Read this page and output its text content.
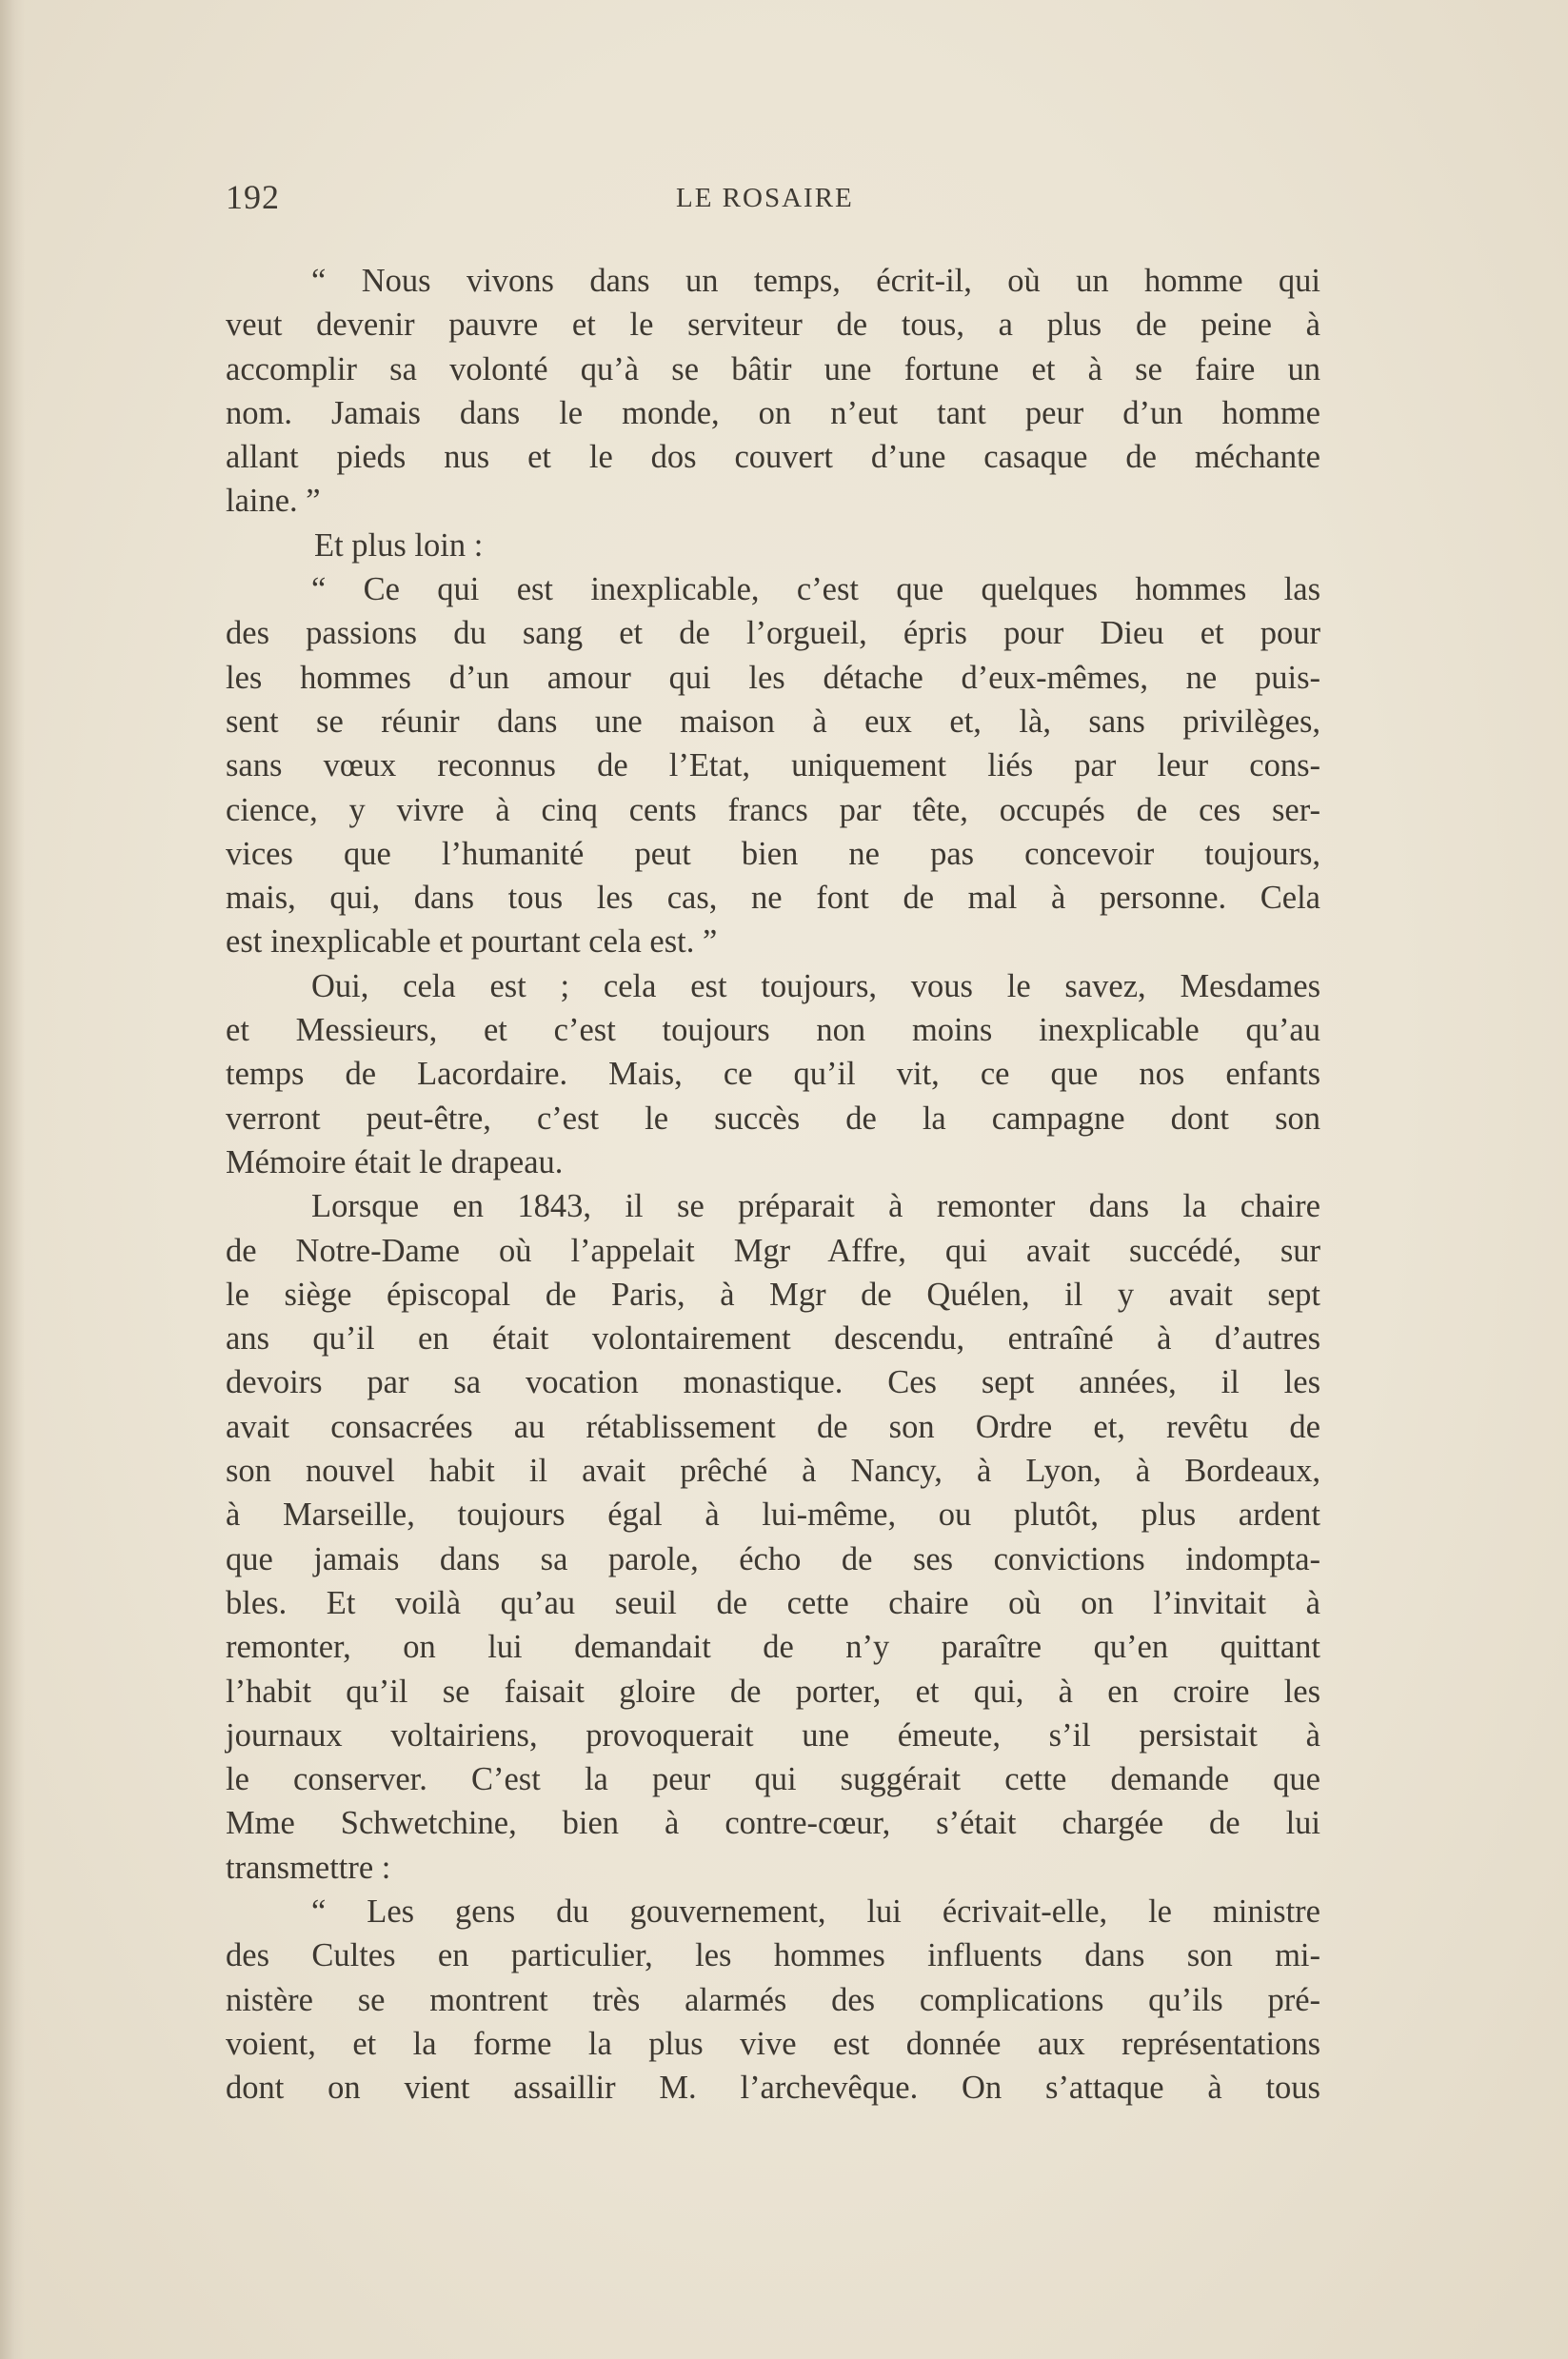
192	LE ROSAIRE
“ Nous vivons dans un temps, écrit-il, où un homme qui
veut devenir pauvre et le serviteur de tous, a plus de peine à
accomplir sa volonté qu’à se bâtir une fortune et à se faire un
nom. Jamais dans le monde, on n’eut tant peur d’un homme
allant pieds nus et le dos couvert d’une casaque de méchante
laine. ”
Et plus loin :
“ Ce qui est inexplicable, c’est que quelques hommes las
des passions du sang et de l’orgueil, épris pour Dieu et pour
les hommes d’un amour qui les détache d’eux-mêmes, ne puis-
sent se réunir dans une maison à eux et, là, sans privilèges,
sans vœux reconnus de l’Etat, uniquement liés par leur cons-
cience, y vivre à cinq cents francs par tête, occupés de ces ser-
vices que l’humanité peut bien ne pas concevoir toujours,
mais, qui, dans tous les cas, ne font de mal à personne. Cela
est inexplicable et pourtant cela est. ”
Oui, cela est ; cela est toujours, vous le savez, Mesdames
et Messieurs, et c’est toujours non moins inexplicable qu’au
temps de Lacordaire. Mais, ce qu’il vit, ce que nos enfants
verront peut-être, c’est le succès de la campagne dont son
Mémoire était le drapeau.
Lorsque en 1843, il se préparait à remonter dans la chaire
de Notre-Dame où l’appelait Mgr Affre, qui avait succédé, sur
le siège épiscopal de Paris, à Mgr de Quélen, il y avait sept
ans qu’il en était volontairement descendu, entraîné à d’autres
devoirs par sa vocation monastique. Ces sept années, il les
avait consacrées au rétablissement de son Ordre et, revêtu de
son nouvel habit il avait prêché à Nancy, à Lyon, à Bordeaux,
à Marseille, toujours égal à lui-même, ou plutôt, plus ardent
que jamais dans sa parole, écho de ses convictions indompta-
bles. Et voilà qu’au seuil de cette chaire où on l’invitait à
remonter, on lui demandait de n’y paraître qu’en quittant
l’habit qu’il se faisait gloire de porter, et qui, à en croire les
journaux voltairiens, provoquerait une émeute, s’il persistait à
le conserver. C’est la peur qui suggérait cette demande que
Mme Schwetchine, bien à contre-cœur, s’était chargée de lui
transmettre :
“ Les gens du gouvernement, lui écrivait-elle, le ministre
des Cultes en particulier, les hommes influents dans son mi-
nistère se montrent très alarmés des complications qu’ils pré-
voient, et la forme la plus vive est donnée aux représentations
dont on vient assaillir M. l’archevêque. On s’attaque à tous
